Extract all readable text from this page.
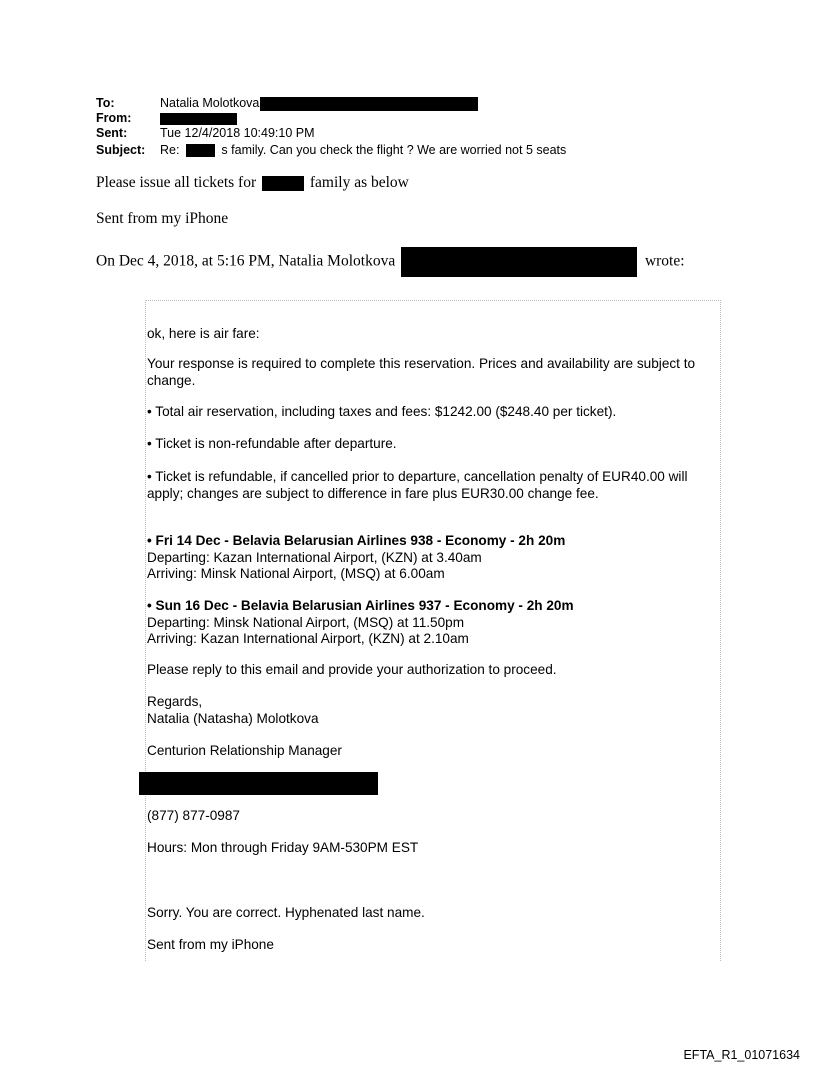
To:	Natalia Molotkova
From:
Sent:	Tue 12/4/2018 10:49:10 PM
Subject: Re:	s family. Can you check the flight ? We are worried not 5 seats
Please issue all tickets for	family as below
Sent from my iPhone
On Dec 4, 2018, at 5:16 PM, Natalia Molotkova	wrote:
ok, here is air fare:
Your response is required to complete this reservation. Prices and availability are subject to change.
• Total air reservation, including taxes and fees: $1242.00 ($248.40 per ticket).
• Ticket is non-refundable after departure.
• Ticket is refundable, if cancelled prior to departure, cancellation penalty of EUR40.00 will apply; changes are subject to difference in fare plus EUR30.00 change fee.
• Fri 14 Dec - Belavia Belarusian Airlines 938 - Economy - 2h 20m
Departing: Kazan International Airport, (KZN) at 3.40am
Arriving: Minsk National Airport, (MSQ) at 6.00am
• Sun 16 Dec - Belavia Belarusian Airlines 937 - Economy - 2h 20m
Departing: Minsk National Airport, (MSQ) at 11.50pm
Arriving: Kazan International Airport, (KZN) at 2.10am
Please reply to this email and provide your authorization to proceed.
Regards,
Natalia (Natasha) Molotkova
Centurion Relationship Manager
(877) 877-0987
Hours: Mon through Friday 9AM-530PM EST
Sorry. You are correct. Hyphenated last name.
Sent from my iPhone
EFTA_R1_01071634
